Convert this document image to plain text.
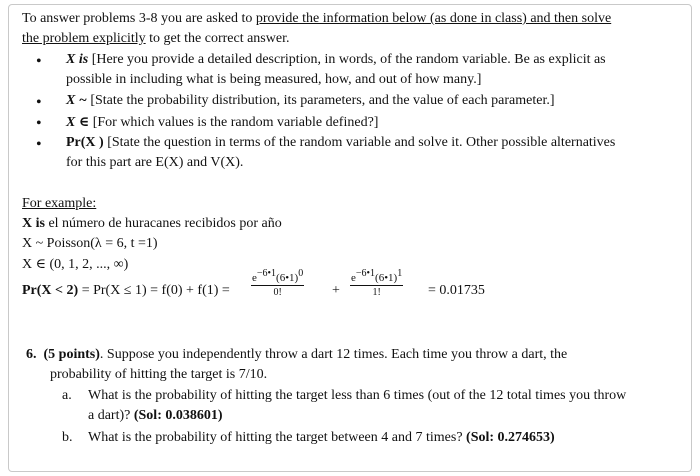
To answer problems 3-8 you are asked to provide the information below (as done in class) and then solve
the problem explicitly to get the correct answer.
• X is [Here you provide a detailed description, in words, of the random variable. Be as explicit as
possible in including what is being measured, how, and out of how many.]
• X ~ [State the probability distribution, its parameters, and the value of each parameter.]
• X ∈ [For which values is the random variable defined?]
• Pr(X ) [State the question in terms of the random variable and solve it. Other possible alternatives
for this part are E(X) and V(X).
For example:
X is el número de huracanes recibidos por año
X ~ Poisson(λ = 6, t =1)
X ∈ (0, 1, 2, ..., ∞)
$Pr(X < 2) = Pr(X \le 1) = f(0) + f(1) = \frac{e-6•1(6•1)0}{0!} + \frac{e-6•1(6•1)1}{1!} = 0.01735$
6. (5 points). Suppose you independently throw a dart 12 times. Each time you throw a dart, the
probability of hitting the target is 7/10.
a. What is the probability of hitting the target less than 6 times (out of the 12 total times you throw
a dart)? (Sol: 0.038601)
b. What is the probability of hitting the target between 4 and 7 times? (Sol: 0.274653)
